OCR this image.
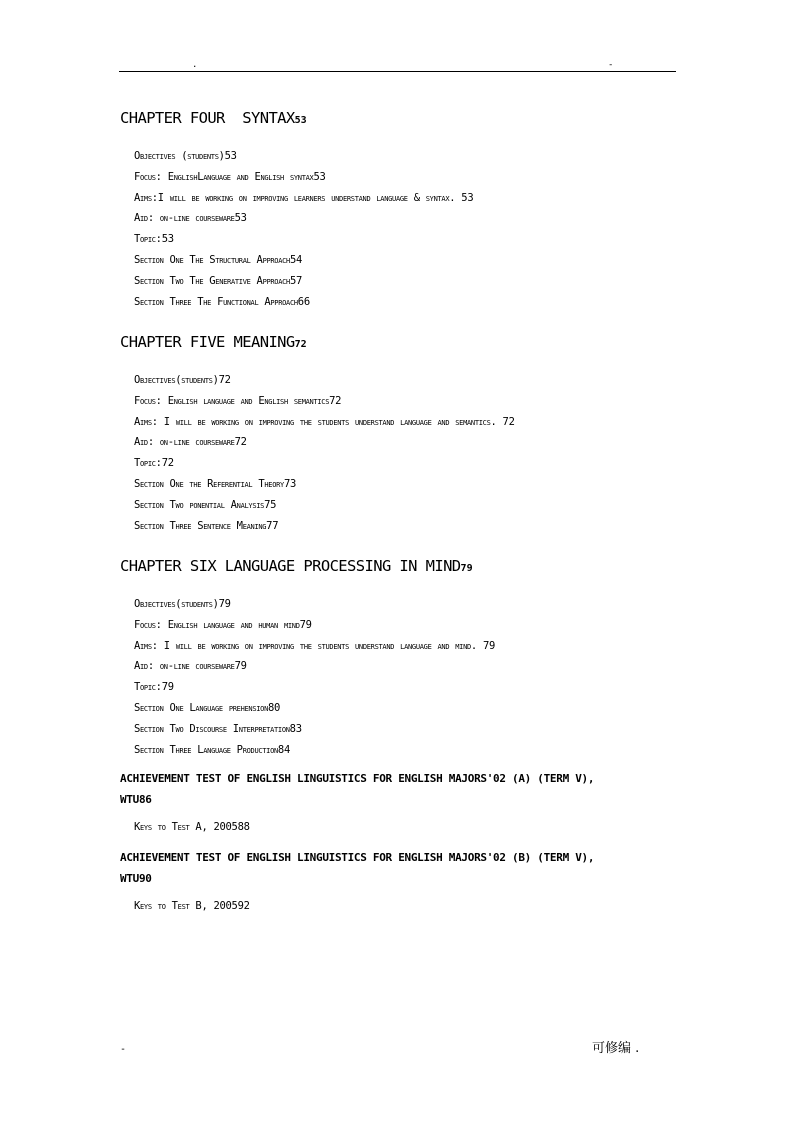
.	-
CHAPTER FOUR  SYNTAX53
Objectives (students)53
Focus: EnglishLanguage and English syntax53
Aims:I will be working on improving learners understand language & syntax. 53
Aid: on-line courseware53
Topic:53
Section One The Structural Approach54
Section Two The Generative Approach57
Section Three The Functional Approach66
CHAPTER FIVE MEANING72
Objectives(students)72
Focus: English language and English semantics72
Aims: I will be working on improving the students understand language and semantics. 72
Aid: on-line courseware72
Topic:72
Section One the Referential Theory73
Section Two ponential Analysis75
Section Three Sentence Meaning77
CHAPTER SIX LANGUAGE PROCESSING IN MIND79
Objectives(students)79
Focus: English language and human mind79
Aims: I will be working on improving the students understand language and mind. 79
Aid: on-line courseware79
Topic:79
Section One Language prehension80
Section Two Discourse Interpretation83
Section Three Language Production84
ACHIEVEMENT TEST OF ENGLISH LINGUISTICS FOR ENGLISH MAJORS'02 (A) (TERM V),
WTU86
Keys to Test A, 200588
ACHIEVEMENT TEST OF ENGLISH LINGUISTICS FOR ENGLISH MAJORS'02 (B) (TERM V),
WTU90
Keys to Test B, 200592
-	可修编 .
